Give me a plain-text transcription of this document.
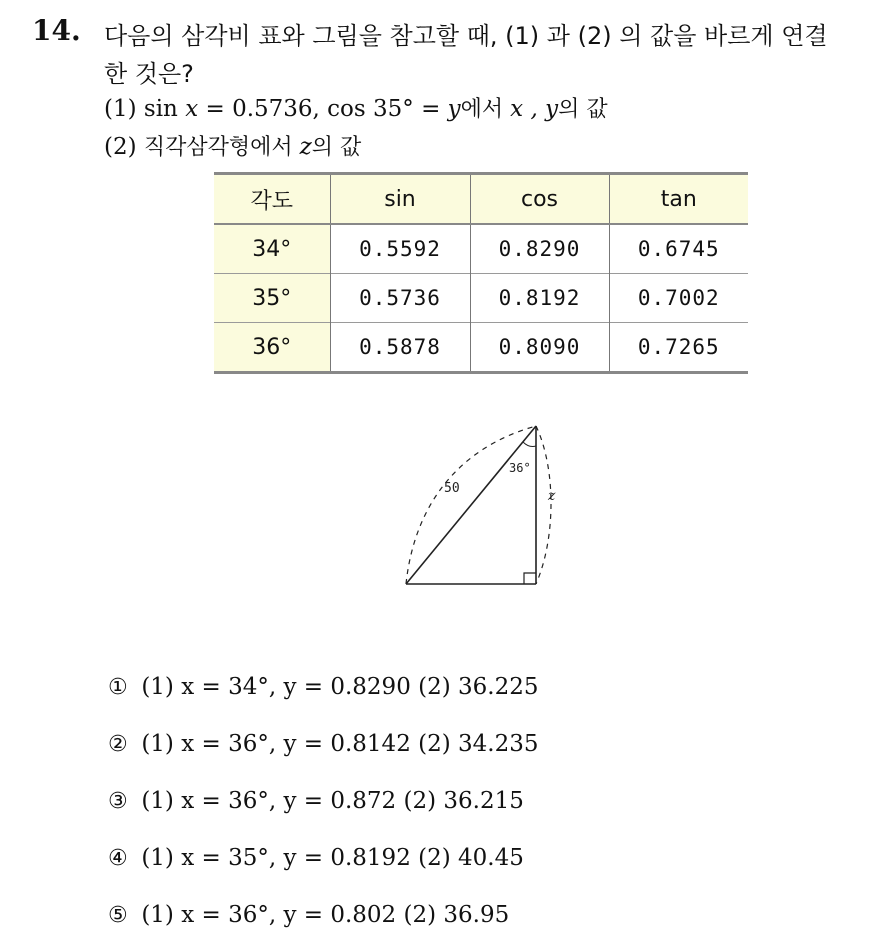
14. 다음의 삼각비 표와 그림을 참고할 때, (1) 과 (2) 의 값을 바르게 연결
한 것은?
(1) sin x = 0.5736, cos 35° = y에서 x , y의 값
(2) 직각삼각형에서 z의 값
각도	sin	cos	tan
34°	0.5592	0.8290	0.6745
35°	0.5736	0.8192	0.7002
36°	0.5878	0.8090	0.7265
50
36°
z
① (1) x = 34°, y = 0.8290 (2) 36.225
② (1) x = 36°, y = 0.8142 (2) 34.235
③ (1) x = 36°, y = 0.872 (2) 36.215
④ (1) x = 35°, y = 0.8192 (2) 40.45
⑤ (1) x = 36°, y = 0.802 (2) 36.95
